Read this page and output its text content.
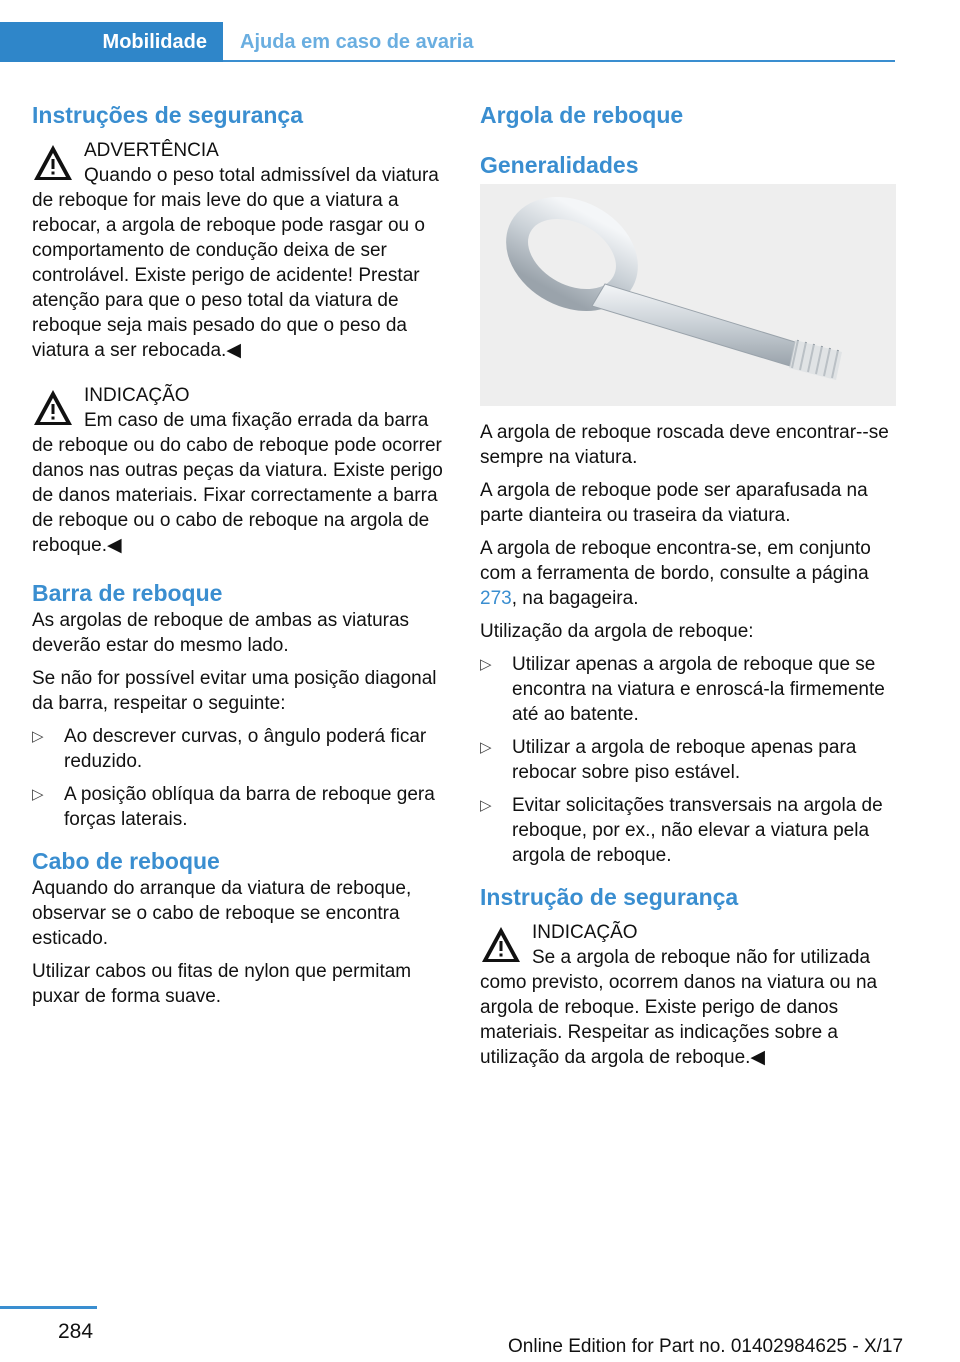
Mobilidade	Ajuda em caso de avaria
Instruções de segurança
ADVERTÊNCIA
Quando o peso total admissível da viatura de reboque for mais leve do que a viatura a rebocar, a argola de reboque pode rasgar ou o comportamento de condução deixa de ser controlável. Existe perigo de acidente! Prestar atenção para que o peso total da viatura de reboque seja mais pesado do que o peso da viatura a ser rebocada.◀
INDICAÇÃO
Em caso de uma fixação errada da barra de reboque ou do cabo de reboque pode ocorrer danos nas outras peças da viatura. Existe perigo de danos materiais. Fixar correctamente a barra de reboque ou o cabo de reboque na argola de reboque.◀
Barra de reboque

As argolas de reboque de ambas as viaturas deverão estar do mesmo lado.

Se não for possível evitar uma posição diagonal da barra, respeitar o seguinte:

▷ Ao descrever curvas, o ângulo poderá ficar reduzido.
▷ A posição oblíqua da barra de reboque gera forças laterais.
Cabo de reboque

Aquando do arranque da viatura de reboque, observar se o cabo de reboque se encontra esticado.

Utilizar cabos ou fitas de nylon que permitam puxar de forma suave.

Argola de reboque
Generalidades

A argola de reboque roscada deve encontrar--se sempre na viatura.

A argola de reboque pode ser aparafusada na parte dianteira ou traseira da viatura.

A argola de reboque encontra-se, em conjunto com a ferramenta de bordo, consulte a página 273, na bagageira.

Utilização da argola de reboque:

▷ Utilizar apenas a argola de reboque que se encontra na viatura e enroscá-la firmemente até ao batente.
▷ Utilizar a argola de reboque apenas para rebocar sobre piso estável.
▷ Evitar solicitações transversais na argola de reboque, por ex., não elevar a viatura pela argola de reboque.
Instrução de segurança
INDICAÇÃO
Se a argola de reboque não for utilizada como previsto, ocorrem danos na viatura ou na argola de reboque. Existe perigo de danos materiais. Respeitar as indicações sobre a utilização da argola de reboque.◀
284
Online Edition for Part no. 01402984625 - X/17
